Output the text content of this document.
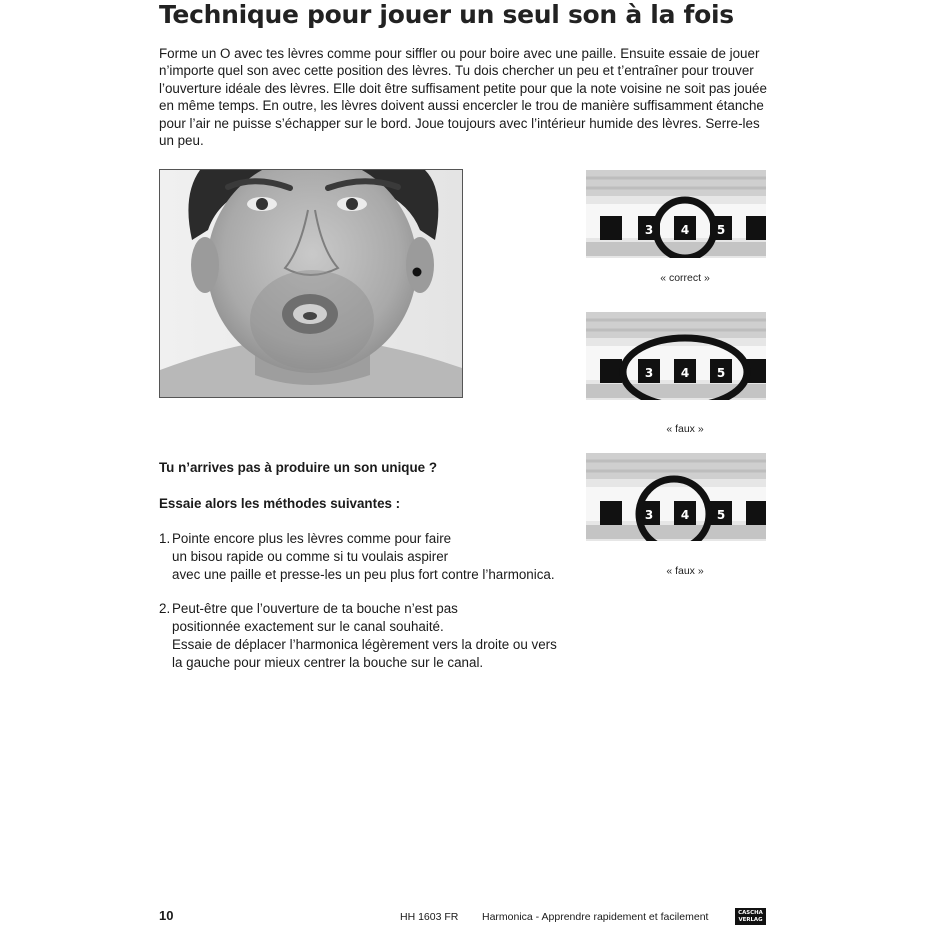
Technique pour jouer un seul son à la fois

Forme un O avec tes lèvres comme pour siffler ou pour boire avec une paille. Ensuite essaie de jouer
n’importe quel son avec cette position des lèvres. Tu dois chercher un peu et t’entraîner pour trouver
l’ouverture idéale des lèvres. Elle doit être suffisament petite pour que la note voisine ne soit pas jouée
en même temps. En outre, les lèvres doivent aussi encercler le trou de manière suffisamment étanche
pour l’air ne puisse s’échapper sur le bord. Joue toujours avec l’intérieur humide des lèvres. Serre-les
un peu.

3 4 5
« correct »
3 4 5
« faux »
3 4 5
« faux »

Tu n’arrives pas à produire un son unique ?

Essaie alors les méthodes suivantes :

1. Pointe encore plus les lèvres comme pour faire
un bisou rapide ou comme si tu voulais aspirer
avec une paille et presse-les un peu plus fort contre l’harmonica.
2. Peut-être que l’ouverture de ta bouche n’est pas
positionnée exactement sur le canal souhaité.
Essaie de déplacer l’harmonica légèrement vers la droite ou vers
la gauche pour mieux centrer la bouche sur le canal.
10	HH 1603 FR Harmonica - Apprendre rapidement et facilement	CASCHA
VERLAG
